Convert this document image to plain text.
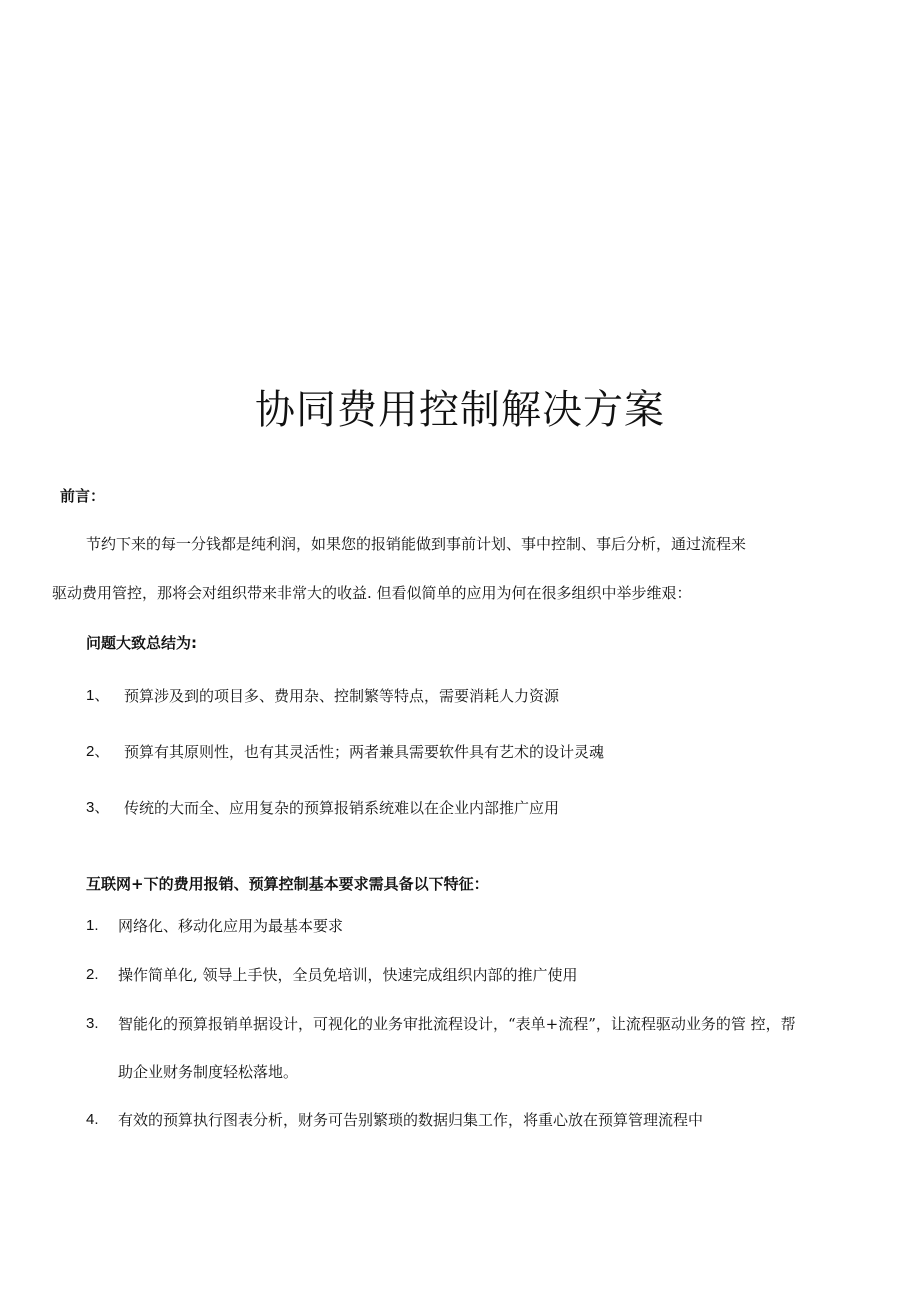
协同费用控制解决方案
前言：
节约下来的每一分钱都是纯利润，如果您的报销能做到事前计划、事中控制、事后分析，通过流程来
驱动费用管控，那将会对组织带来非常大的收益. 但看似简单的应用为何在很多组织中举步维艰：
问题大致总结为:
1、 预算涉及到的项目多、费用杂、控制繁等特点，需要消耗人力资源
2、 预算有其原则性，也有其灵活性；两者兼具需要软件具有艺术的设计灵魂
3、 传统的大而全、应用复杂的预算报销系统难以在企业内部推广应用
互联网+下的费用报销、预算控制基本要求需具备以下特征：
1. 网络化、移动化应用为最基本要求
2. 操作简单化, 领导上手快，全员免培训，快速完成组织内部的推广使用
3. 智能化的预算报销单据设计，可视化的业务审批流程设计，“表单+流程”，让流程驱动业务的管 控，帮
助企业财务制度轻松落地。
4. 有效的预算执行图表分析，财务可告别繁琐的数据归集工作，将重心放在预算管理流程中
